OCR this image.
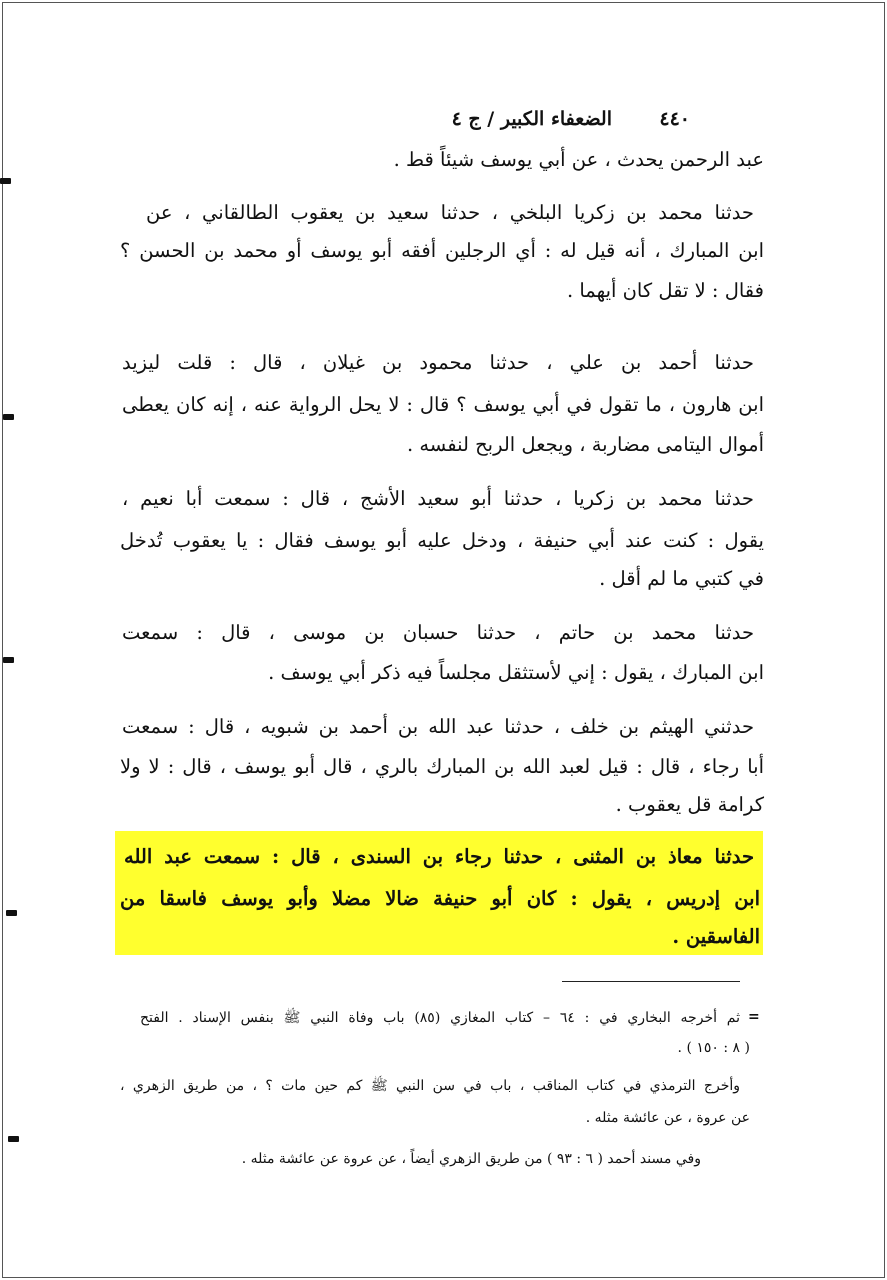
٤٤٠
الضعفاء الكبير / ج ٤
عبد الرحمن يحدث ، عن أبي يوسف شيئاً قط .
حدثنا محمد بن زكريا البلخي ، حدثنا سعيد بن يعقوب الطالقاني ، عن
ابن المبارك ، أنه قيل له : أي الرجلين أفقه أبو يوسف أو محمد بن الحسن ؟
فقال : لا تقل كان أيهما .
حدثنا أحمد بن علي ، حدثنا محمود بن غيلان ، قال : قلت ليزيد
ابن هارون ، ما تقول في أبي يوسف ؟ قال : لا يحل الرواية عنه ، إنه كان يعطى
أموال اليتامى مضاربة ، ويجعل الربح لنفسه .
حدثنا محمد بن زكريا ، حدثنا أبو سعيد الأشج ، قال : سمعت أبا نعيم ،
يقول : كنت عند أبي حنيفة ، ودخل عليه أبو يوسف فقال : يا يعقوب تُدخل
في كتبي ما لم أقل .
حدثنا محمد بن حاتم ، حدثنا حسبان بن موسى ، قال : سمعت
ابن المبارك ، يقول : إني لأستثقل مجلساً فيه ذكر أبي يوسف .
حدثني الهيثم بن خلف ، حدثنا عبد الله بن أحمد بن شبويه ، قال : سمعت
أبا رجاء ، قال : قيل لعبد الله بن المبارك بالري ، قال أبو يوسف ، قال : لا ولا
كرامة قل يعقوب .
حدثنا معاذ بن المثنى ، حدثنا رجاء بن السندى ، قال : سمعت عبد الله
ابن إدريس ، يقول : كان أبو حنيفة ضالا مضلا وأبو يوسف فاسقا من
الفاسقين .
=
ثم أخرجه البخاري في : ٦٤ – كتاب المغازي (٨٥) باب وفاة النبي ﷺ بنفس الإسناد . الفتح
( ٨ : ١٥٠ ) .
وأخرج الترمذي في كتاب المناقب ، باب في سن النبي ﷺ كم حين مات ؟ ، من طريق الزهري ،
عن عروة ، عن عائشة مثله .
وفي مسند أحمد ( ٦ : ٩٣ ) من طريق الزهري أيضاً ، عن عروة عن عائشة مثله .
